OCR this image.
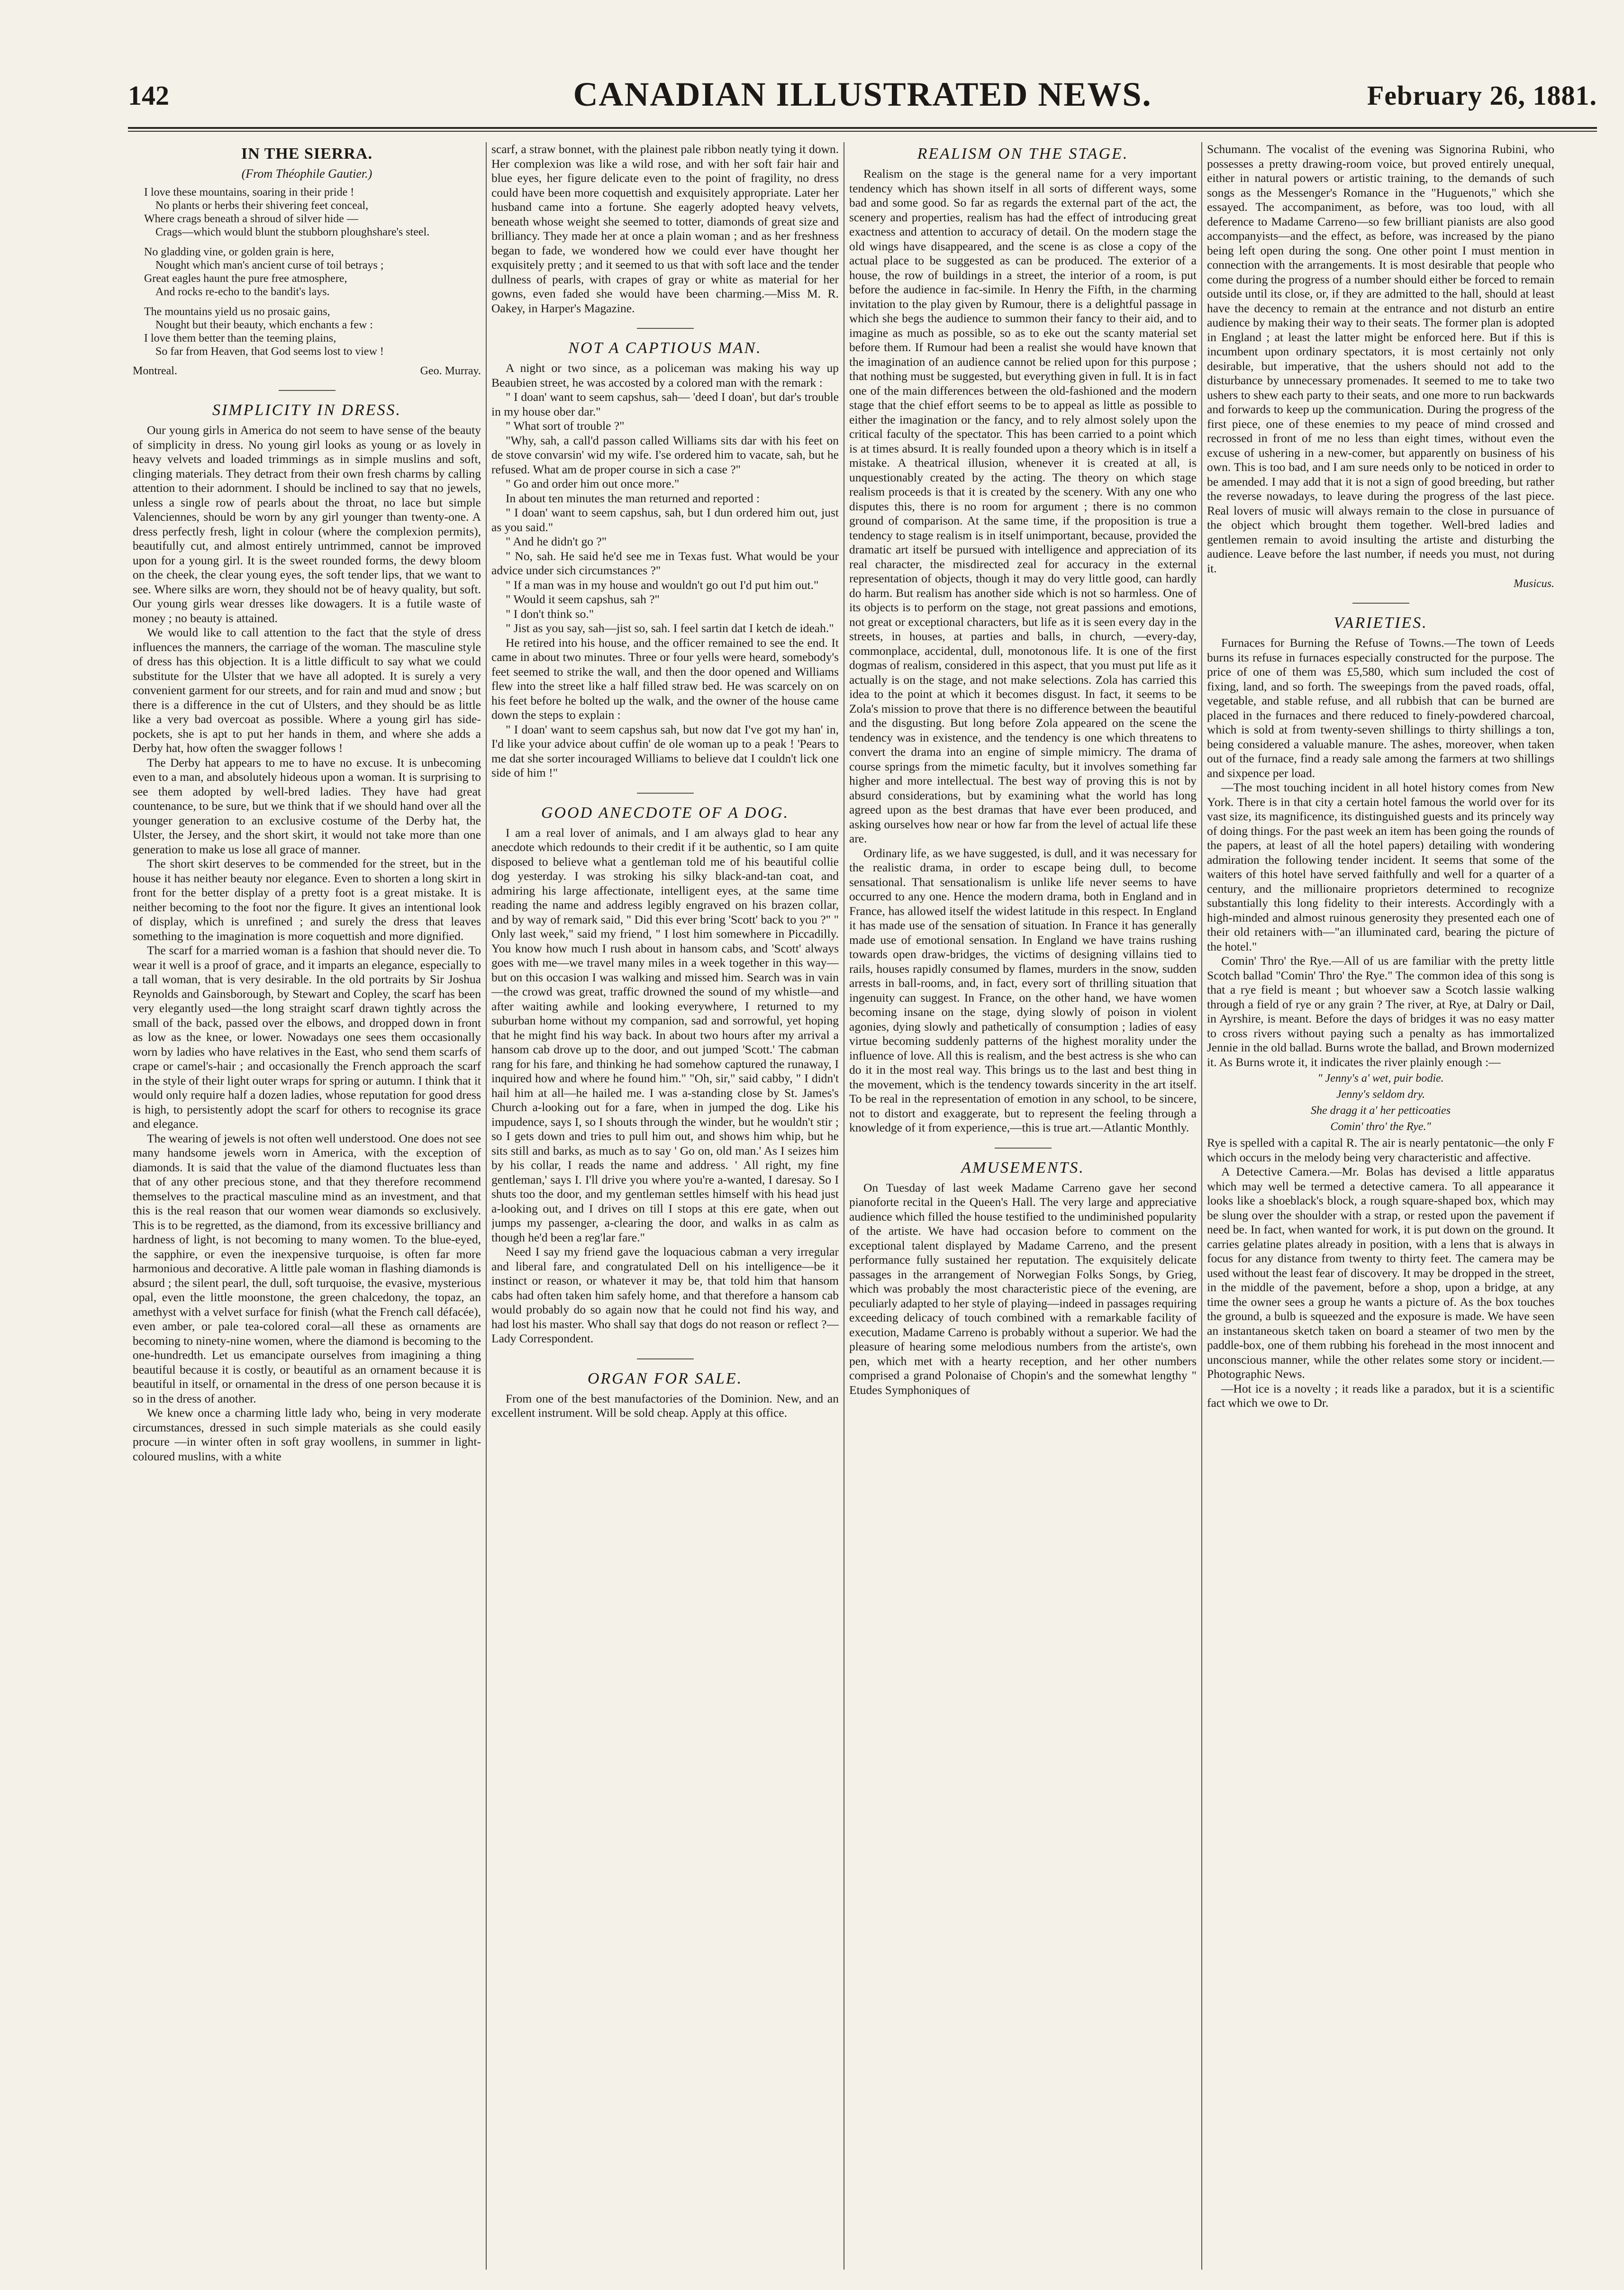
142	CANADIAN ILLUSTRATED NEWS.	February 26, 1881.
IN THE SIERRA.
(From Théophile Gautier.)
I love these mountains, soaring in their pride !
No plants or herbs their shivering feet conceal,
Where crags beneath a shroud of silver hide —
Crags—which would blunt the stubborn ploughshare's steel.
No gladding vine, or golden grain is here,
Nought which man's ancient curse of toil betrays ;
Great eagles haunt the pure free atmosphere,
And rocks re-echo to the bandit's lays.
The mountains yield us no prosaic gains,
Nought but their beauty, which enchants a few :
I love them better than the teeming plains,
So far from Heaven, that God seems lost to view !
Montreal.	Geo. Murray.
SIMPLICITY IN DRESS.

Our young girls in America do not seem to have sense of the beauty of simplicity in dress. No young girl looks as young or as lovely in heavy velvets and loaded trimmings as in simple muslins and soft, clinging materials. They detract from their own fresh charms by calling attention to their adornment. I should be inclined to say that no jewels, unless a single row of pearls about the throat, no lace but simple Valenciennes, should be worn by any girl younger than twenty-one. A dress perfectly fresh, light in colour (where the complexion permits), beautifully cut, and almost entirely untrimmed, cannot be improved upon for a young girl. It is the sweet rounded forms, the dewy bloom on the cheek, the clear young eyes, the soft tender lips, that we want to see. Where silks are worn, they should not be of heavy quality, but soft. Our young girls wear dresses like dowagers. It is a futile waste of money ; no beauty is attained.

We would like to call attention to the fact that the style of dress influences the manners, the carriage of the woman. The masculine style of dress has this objection. It is a little difficult to say what we could substitute for the Ulster that we have all adopted. It is surely a very convenient garment for our streets, and for rain and mud and snow ; but there is a difference in the cut of Ulsters, and they should be as little like a very bad overcoat as possible. Where a young girl has side-pockets, she is apt to put her hands in them, and where she adds a Derby hat, how often the swagger follows !

The Derby hat appears to me to have no excuse. It is unbecoming even to a man, and absolutely hideous upon a woman. It is surprising to see them adopted by well-bred ladies. They have had great countenance, to be sure, but we think that if we should hand over all the younger generation to an exclusive costume of the Derby hat, the Ulster, the Jersey, and the short skirt, it would not take more than one generation to make us lose all grace of manner.

The short skirt deserves to be commended for the street, but in the house it has neither beauty nor elegance. Even to shorten a long skirt in front for the better display of a pretty foot is a great mistake. It is neither becoming to the foot nor the figure. It gives an intentional look of display, which is unrefined ; and surely the dress that leaves something to the imagination is more coquettish and more dignified.

The scarf for a married woman is a fashion that should never die. To wear it well is a proof of grace, and it imparts an elegance, especially to a tall woman, that is very desirable. In the old portraits by Sir Joshua Reynolds and Gainsborough, by Stewart and Copley, the scarf has been very elegantly used—the long straight scarf drawn tightly across the small of the back, passed over the elbows, and dropped down in front as low as the knee, or lower. Nowadays one sees them occasionally worn by ladies who have relatives in the East, who send them scarfs of crape or camel's-hair ; and occasionally the French approach the scarf in the style of their light outer wraps for spring or autumn. I think that it would only require half a dozen ladies, whose reputation for good dress is high, to persistently adopt the scarf for others to recognise its grace and elegance.

The wearing of jewels is not often well understood. One does not see many handsome jewels worn in America, with the exception of diamonds. It is said that the value of the diamond fluctuates less than that of any other precious stone, and that they therefore recommend themselves to the practical masculine mind as an investment, and that this is the real reason that our women wear diamonds so exclusively. This is to be regretted, as the diamond, from its excessive brilliancy and hardness of light, is not becoming to many women. To the blue-eyed, the sapphire, or even the inexpensive turquoise, is often far more harmonious and decorative. A little pale woman in flashing diamonds is absurd ; the silent pearl, the dull, soft turquoise, the evasive, mysterious opal, even the little moonstone, the green chalcedony, the topaz, an amethyst with a velvet surface for finish (what the French call défacée), even amber, or pale tea-colored coral—all these as ornaments are becoming to ninety-nine women, where the diamond is becoming to the one-hundredth. Let us emancipate ourselves from imagining a thing beautiful because it is costly, or beautiful as an ornament because it is beautiful in itself, or ornamental in the dress of one person because it is so in the dress of another.

We knew once a charming little lady who, being in very moderate circumstances, dressed in such simple materials as she could easily procure —in winter often in soft gray woollens, in summer in light-coloured muslins, with a white

scarf, a straw bonnet, with the plainest pale ribbon neatly tying it down. Her complexion was like a wild rose, and with her soft fair hair and blue eyes, her figure delicate even to the point of fragility, no dress could have been more coquettish and exquisitely appropriate. Later her husband came into a fortune. She eagerly adopted heavy velvets, beneath whose weight she seemed to totter, diamonds of great size and brilliancy. They made her at once a plain woman ; and as her freshness began to fade, we wondered how we could ever have thought her exquisitely pretty ; and it seemed to us that with soft lace and the tender dullness of pearls, with crapes of gray or white as material for her gowns, even faded she would have been charming.—Miss M. R. Oakey, in Harper's Magazine.

NOT A CAPTIOUS MAN.

A night or two since, as a policeman was making his way up Beaubien street, he was accosted by a colored man with the remark :

" I doan' want to seem capshus, sah— 'deed I doan', but dar's trouble in my house ober dar."

" What sort of trouble ?"

"Why, sah, a call'd passon called Williams sits dar with his feet on de stove convarsin' wid my wife. I'se ordered him to vacate, sah, but he refused. What am de proper course in sich a case ?"

" Go and order him out once more."

In about ten minutes the man returned and reported :

" I doan' want to seem capshus, sah, but I dun ordered him out, just as you said."

" And he didn't go ?"

" No, sah. He said he'd see me in Texas fust. What would be your advice under sich circumstances ?"

" If a man was in my house and wouldn't go out I'd put him out."

" Would it seem capshus, sah ?"

" I don't think so."

" Jist as you say, sah—jist so, sah. I feel sartin dat I ketch de ideah."

He retired into his house, and the officer remained to see the end. It came in about two minutes. Three or four yells were heard, somebody's feet seemed to strike the wall, and then the door opened and Williams flew into the street like a half filled straw bed. He was scarcely on on his feet before he bolted up the walk, and the owner of the house came down the steps to explain :

" I doan' want to seem capshus sah, but now dat I've got my han' in, I'd like your advice about cuffin' de ole woman up to a peak ! 'Pears to me dat she sorter incouraged Williams to believe dat I couldn't lick one side of him !"

GOOD ANECDOTE OF A DOG.

I am a real lover of animals, and I am always glad to hear any anecdote which redounds to their credit if it be authentic, so I am quite disposed to believe what a gentleman told me of his beautiful collie dog yesterday. I was stroking his silky black-and-tan coat, and admiring his large affectionate, intelligent eyes, at the same time reading the name and address legibly engraved on his brazen collar, and by way of remark said, " Did this ever bring 'Scott' back to you ?" " Only last week," said my friend, " I lost him somewhere in Piccadilly. You know how much I rush about in hansom cabs, and 'Scott' always goes with me—we travel many miles in a week together in this way—but on this occasion I was walking and missed him. Search was in vain—the crowd was great, traffic drowned the sound of my whistle—and after waiting awhile and looking everywhere, I returned to my suburban home without my companion, sad and sorrowful, yet hoping that he might find his way back. In about two hours after my arrival a hansom cab drove up to the door, and out jumped 'Scott.' The cabman rang for his fare, and thinking he had somehow captured the runaway, I inquired how and where he found him." "Oh, sir," said cabby, " I didn't hail him at all—he hailed me. I was a-standing close by St. James's Church a-looking out for a fare, when in jumped the dog. Like his impudence, says I, so I shouts through the winder, but he wouldn't stir ; so I gets down and tries to pull him out, and shows him whip, but he sits still and barks, as much as to say ' Go on, old man.' As I seizes him by his collar, I reads the name and address. ' All right, my fine gentleman,' says I. I'll drive you where you're a-wanted, I daresay. So I shuts too the door, and my gentleman settles himself with his head just a-looking out, and I drives on till I stops at this ere gate, when out jumps my passenger, a-clearing the door, and walks in as calm as though he'd been a reg'lar fare."

Need I say my friend gave the loquacious cabman a very irregular and liberal fare, and congratulated Dell on his intelligence—be it instinct or reason, or whatever it may be, that told him that hansom cabs had often taken him safely home, and that therefore a hansom cab would probably do so again now that he could not find his way, and had lost his master. Who shall say that dogs do not reason or reflect ?—Lady Correspondent.

ORGAN FOR SALE.

From one of the best manufactories of the Dominion. New, and an excellent instrument. Will be sold cheap. Apply at this office.

REALISM ON THE STAGE.

Realism on the stage is the general name for a very important tendency which has shown itself in all sorts of different ways, some bad and some good. So far as regards the external part of the act, the scenery and properties, realism has had the effect of introducing great exactness and attention to accuracy of detail. On the modern stage the old wings have disappeared, and the scene is as close a copy of the actual place to be suggested as can be produced. The exterior of a house, the row of buildings in a street, the interior of a room, is put before the audience in fac-simile. In Henry the Fifth, in the charming invitation to the play given by Rumour, there is a delightful passage in which she begs the audience to summon their fancy to their aid, and to imagine as much as possible, so as to eke out the scanty material set before them. If Rumour had been a realist she would have known that the imagination of an audience cannot be relied upon for this purpose ; that nothing must be suggested, but everything given in full. It is in fact one of the main differences between the old-fashioned and the modern stage that the chief effort seems to be to appeal as little as possible to either the imagination or the fancy, and to rely almost solely upon the critical faculty of the spectator. This has been carried to a point which is at times absurd. It is really founded upon a theory which is in itself a mistake. A theatrical illusion, whenever it is created at all, is unquestionably created by the acting. The theory on which stage realism proceeds is that it is created by the scenery. With any one who disputes this, there is no room for argument ; there is no common ground of comparison. At the same time, if the proposition is true a tendency to stage realism is in itself unimportant, because, provided the dramatic art itself be pursued with intelligence and appreciation of its real character, the misdirected zeal for accuracy in the external representation of objects, though it may do very little good, can hardly do harm. But realism has another side which is not so harmless. One of its objects is to perform on the stage, not great passions and emotions, not great or exceptional characters, but life as it is seen every day in the streets, in houses, at parties and balls, in church, —every-day, commonplace, accidental, dull, monotonous life. It is one of the first dogmas of realism, considered in this aspect, that you must put life as it actually is on the stage, and not make selections. Zola has carried this idea to the point at which it becomes disgust. In fact, it seems to be Zola's mission to prove that there is no difference between the beautiful and the disgusting. But long before Zola appeared on the scene the tendency was in existence, and the tendency is one which threatens to convert the drama into an engine of simple mimicry. The drama of course springs from the mimetic faculty, but it involves something far higher and more intellectual. The best way of proving this is not by absurd considerations, but by examining what the world has long agreed upon as the best dramas that have ever been produced, and asking ourselves how near or how far from the level of actual life these are.

Ordinary life, as we have suggested, is dull, and it was necessary for the realistic drama, in order to escape being dull, to become sensational. That sensationalism is unlike life never seems to have occurred to any one. Hence the modern drama, both in England and in France, has allowed itself the widest latitude in this respect. In England it has made use of the sensation of situation. In France it has generally made use of emotional sensation. In England we have trains rushing towards open draw-bridges, the victims of designing villains tied to rails, houses rapidly consumed by flames, murders in the snow, sudden arrests in ball-rooms, and, in fact, every sort of thrilling situation that ingenuity can suggest. In France, on the other hand, we have women becoming insane on the stage, dying slowly of poison in violent agonies, dying slowly and pathetically of consumption ; ladies of easy virtue becoming suddenly patterns of the highest morality under the influence of love. All this is realism, and the best actress is she who can do it in the most real way. This brings us to the last and best thing in the movement, which is the tendency towards sincerity in the art itself. To be real in the representation of emotion in any school, to be sincere, not to distort and exaggerate, but to represent the feeling through a knowledge of it from experience,—this is true art.—Atlantic Monthly.

AMUSEMENTS.

On Tuesday of last week Madame Carreno gave her second pianoforte recital in the Queen's Hall. The very large and appreciative audience which filled the house testified to the undiminished popularity of the artiste. We have had occasion before to comment on the exceptional talent displayed by Madame Carreno, and the present performance fully sustained her reputation. The exquisitely delicate passages in the arrangement of Norwegian Folks Songs, by Grieg, which was probably the most characteristic piece of the evening, are peculiarly adapted to her style of playing—indeed in passages requiring exceeding delicacy of touch combined with a remarkable facility of execution, Madame Carreno is probably without a superior. We had the pleasure of hearing some melodious numbers from the artiste's, own pen, which met with a hearty reception, and her other numbers comprised a grand Polonaise of Chopin's and the somewhat lengthy " Etudes Symphoniques of

Schumann. The vocalist of the evening was Signorina Rubini, who possesses a pretty drawing-room voice, but proved entirely unequal, either in natural powers or artistic training, to the demands of such songs as the Messenger's Romance in the "Huguenots," which she essayed. The accompaniment, as before, was too loud, with all deference to Madame Carreno—so few brilliant pianists are also good accompanyists—and the effect, as before, was increased by the piano being left open during the song. One other point I must mention in connection with the arrangements. It is most desirable that people who come during the progress of a number should either be forced to remain outside until its close, or, if they are admitted to the hall, should at least have the decency to remain at the entrance and not disturb an entire audience by making their way to their seats. The former plan is adopted in England ; at least the latter might be enforced here. But if this is incumbent upon ordinary spectators, it is most certainly not only desirable, but imperative, that the ushers should not add to the disturbance by unnecessary promenades. It seemed to me to take two ushers to shew each party to their seats, and one more to run backwards and forwards to keep up the communication. During the progress of the first piece, one of these enemies to my peace of mind crossed and recrossed in front of me no less than eight times, without even the excuse of ushering in a new-comer, but apparently on business of his own. This is too bad, and I am sure needs only to be noticed in order to be amended. I may add that it is not a sign of good breeding, but rather the reverse nowadays, to leave during the progress of the last piece. Real lovers of music will always remain to the close in pursuance of the object which brought them together. Well-bred ladies and gentlemen remain to avoid insulting the artiste and disturbing the audience. Leave before the last number, if needs you must, not during it.

Musicus.
VARIETIES.

Furnaces for Burning the Refuse of Towns.—The town of Leeds burns its refuse in furnaces especially constructed for the purpose. The price of one of them was £5,580, which sum included the cost of fixing, land, and so forth. The sweepings from the paved roads, offal, vegetable, and stable refuse, and all rubbish that can be burned are placed in the furnaces and there reduced to finely-powdered charcoal, which is sold at from twenty-seven shillings to thirty shillings a ton, being considered a valuable manure. The ashes, moreover, when taken out of the furnace, find a ready sale among the farmers at two shillings and sixpence per load.

—The most touching incident in all hotel history comes from New York. There is in that city a certain hotel famous the world over for its vast size, its magnificence, its distinguished guests and its princely way of doing things. For the past week an item has been going the rounds of the papers, at least of all the hotel papers) detailing with wondering admiration the following tender incident. It seems that some of the waiters of this hotel have served faithfully and well for a quarter of a century, and the millionaire proprietors determined to recognize substantially this long fidelity to their interests. Accordingly with a high-minded and almost ruinous generosity they presented each one of their old retainers with—"an illuminated card, bearing the picture of the hotel."

Comin' Thro' the Rye.—All of us are familiar with the pretty little Scotch ballad "Comin' Thro' the Rye." The common idea of this song is that a rye field is meant ; but whoever saw a Scotch lassie walking through a field of rye or any grain ? The river, at Rye, at Dalry or Dail, in Ayrshire, is meant. Before the days of bridges it was no easy matter to cross rivers without paying such a penalty as has immortalized Jennie in the old ballad. Burns wrote the ballad, and Brown modernized it. As Burns wrote it, it indicates the river plainly enough :—

" Jenny's a' wet, puir bodie.
Jenny's seldom dry.
She dragg it a' her petticoaties
Comin' thro' the Rye."

Rye is spelled with a capital R. The air is nearly pentatonic—the only F which occurs in the melody being very characteristic and affective.

A Detective Camera.—Mr. Bolas has devised a little apparatus which may well be termed a detective camera. To all appearance it looks like a shoeblack's block, a rough square-shaped box, which may be slung over the shoulder with a strap, or rested upon the pavement if need be. In fact, when wanted for work, it is put down on the ground. It carries gelatine plates already in position, with a lens that is always in focus for any distance from twenty to thirty feet. The camera may be used without the least fear of discovery. It may be dropped in the street, in the middle of the pavement, before a shop, upon a bridge, at any time the owner sees a group he wants a picture of. As the box touches the ground, a bulb is squeezed and the exposure is made. We have seen an instantaneous sketch taken on board a steamer of two men by the paddle-box, one of them rubbing his forehead in the most innocent and unconscious manner, while the other relates some story or incident.—Photographic News.

—Hot ice is a novelty ; it reads like a paradox, but it is a scientific fact which we owe to Dr.
